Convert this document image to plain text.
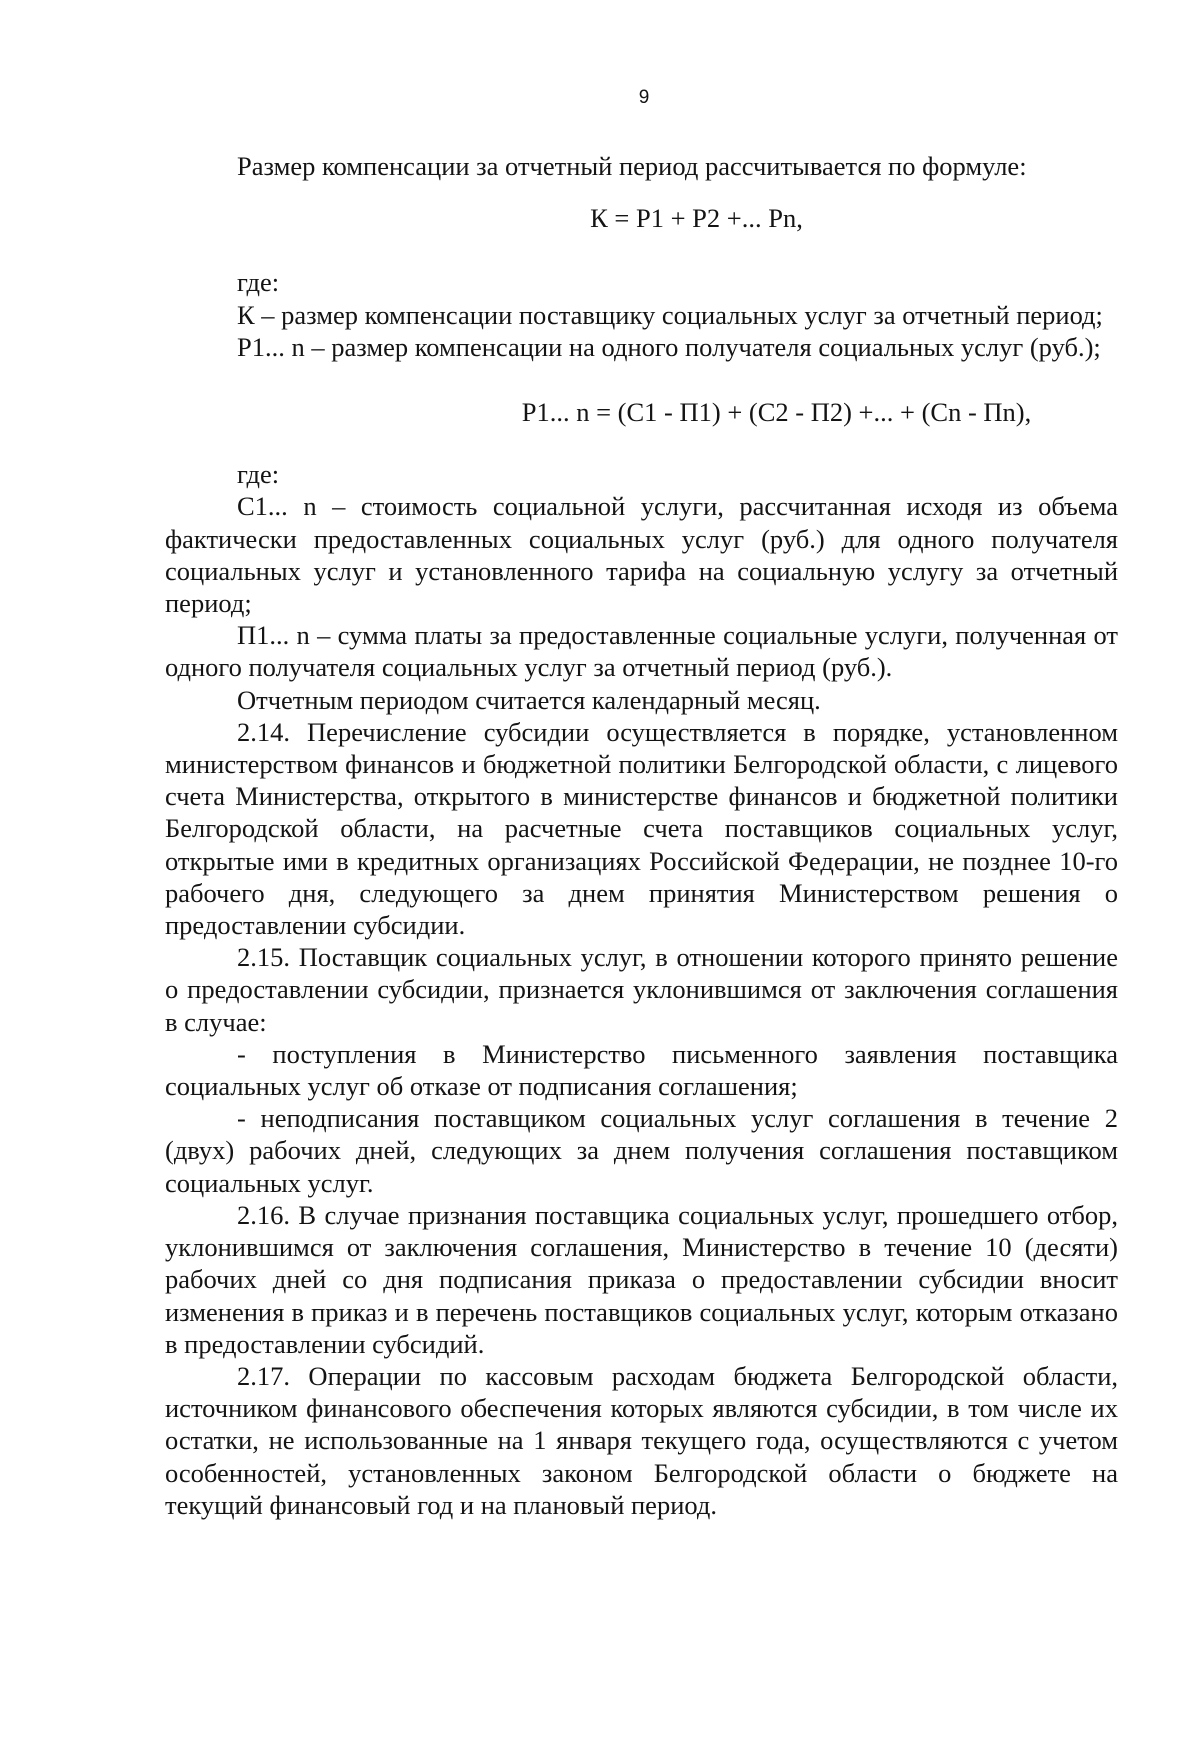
9

Размер компенсации за отчетный период рассчитывается по формуле:

К = Р1 + Р2 +... Рn,

где:

К – размер компенсации поставщику социальных услуг за отчетный период;

Р1... n – размер компенсации на одного получателя социальных услуг (руб.);

Р1... n = (С1 - П1) + (С2 - П2) +... + (Сn - Пn),

где:

С1... n – стоимость социальной услуги, рассчитанная исходя из объема фактически предоставленных социальных услуг (руб.) для одного получателя социальных услуг и установленного тарифа на социальную услугу за отчетный период;

П1... n – сумма платы за предоставленные социальные услуги, полученная от одного получателя социальных услуг за отчетный период (руб.).

Отчетным периодом считается календарный месяц.

2.14. Перечисление субсидии осуществляется в порядке, установленном министерством финансов и бюджетной политики Белгородской области, с лицевого счета Министерства, открытого в министерстве финансов и бюджетной политики Белгородской области, на расчетные счета поставщиков социальных услуг, открытые ими в кредитных организациях Российской Федерации, не позднее 10-го рабочего дня, следующего за днем принятия Министерством решения о предоставлении субсидии.

2.15. Поставщик социальных услуг, в отношении которого принято решение о предоставлении субсидии, признается уклонившимся от заключения соглашения в случае:

- поступления в Министерство письменного заявления поставщика социальных услуг об отказе от подписания соглашения;

- неподписания поставщиком социальных услуг соглашения в течение 2 (двух) рабочих дней, следующих за днем получения соглашения поставщиком социальных услуг.

2.16. В случае признания поставщика социальных услуг, прошедшего отбор, уклонившимся от заключения соглашения, Министерство в течение 10 (десяти) рабочих дней со дня подписания приказа о предоставлении субсидии вносит изменения в приказ и в перечень поставщиков социальных услуг, которым отказано в предоставлении субсидий.

2.17. Операции по кассовым расходам бюджета Белгородской области, источником финансового обеспечения которых являются субсидии, в том числе их остатки, не использованные на 1 января текущего года, осуществляются с учетом особенностей, установленных законом Белгородской области о бюджете на текущий финансовый год и на плановый период.
